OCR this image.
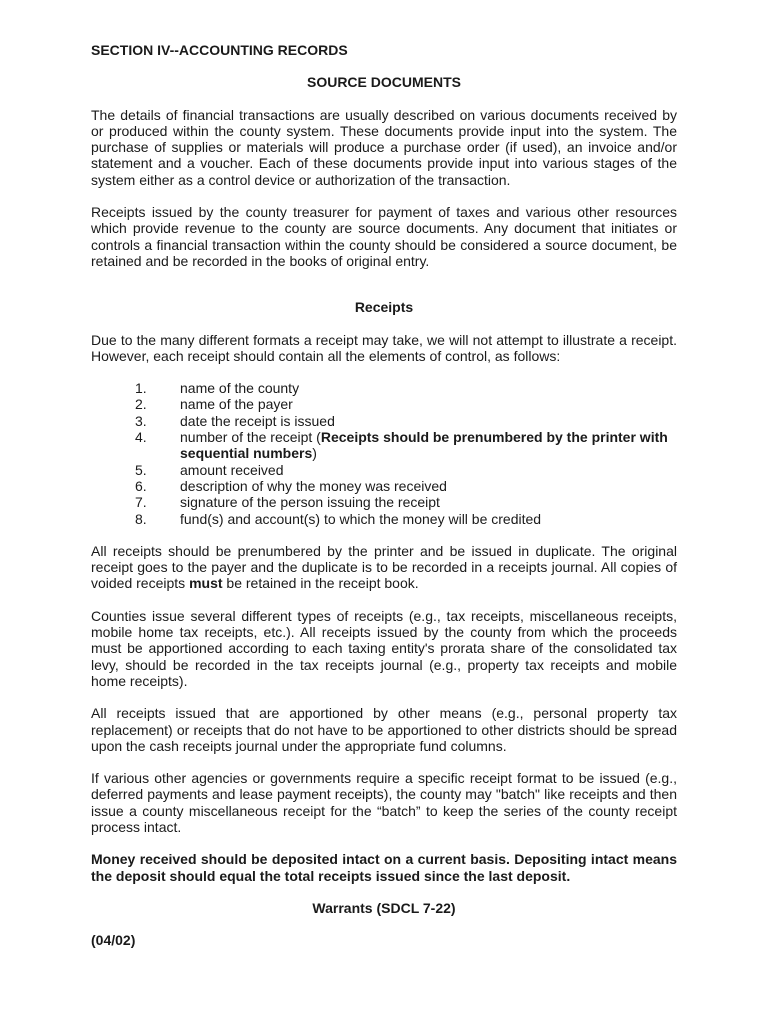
SECTION IV--ACCOUNTING RECORDS
SOURCE DOCUMENTS

The details of financial transactions are usually described on various documents received by or produced within the county system. These documents provide input into the system. The purchase of supplies or materials will produce a purchase order (if used), an invoice and/or statement and a voucher. Each of these documents provide input into various stages of the system either as a control device or authorization of the transaction.

Receipts issued by the county treasurer for payment of taxes and various other resources which provide revenue to the county are source documents. Any document that initiates or controls a financial transaction within the county should be considered a source document, be retained and be recorded in the books of original entry.

Receipts

Due to the many different formats a receipt may take, we will not attempt to illustrate a receipt. However, each receipt should contain all the elements of control, as follows:

1.	name of the county
2.	name of the payer
3.	date the receipt is issued
4.	number of the receipt (Receipts should be prenumbered by the printer with sequential numbers)
5.	amount received
6.	description of why the money was received
7.	signature of the person issuing the receipt
8.	fund(s) and account(s) to which the money will be credited

All receipts should be prenumbered by the printer and be issued in duplicate. The original receipt goes to the payer and the duplicate is to be recorded in a receipts journal. All copies of voided receipts must be retained in the receipt book.

Counties issue several different types of receipts (e.g., tax receipts, miscellaneous receipts, mobile home tax receipts, etc.). All receipts issued by the county from which the proceeds must be apportioned according to each taxing entity's prorata share of the consolidated tax levy, should be recorded in the tax receipts journal (e.g., property tax receipts and mobile home receipts).

All receipts issued that are apportioned by other means (e.g., personal property tax replacement) or receipts that do not have to be apportioned to other districts should be spread upon the cash receipts journal under the appropriate fund columns.

If various other agencies or governments require a specific receipt format to be issued (e.g., deferred payments and lease payment receipts), the county may "batch" like receipts and then issue a county miscellaneous receipt for the “batch” to keep the series of the county receipt process intact.

Money received should be deposited intact on a current basis. Depositing intact means the deposit should equal the total receipts issued since the last deposit.

Warrants (SDCL 7-22)
(04/02)
